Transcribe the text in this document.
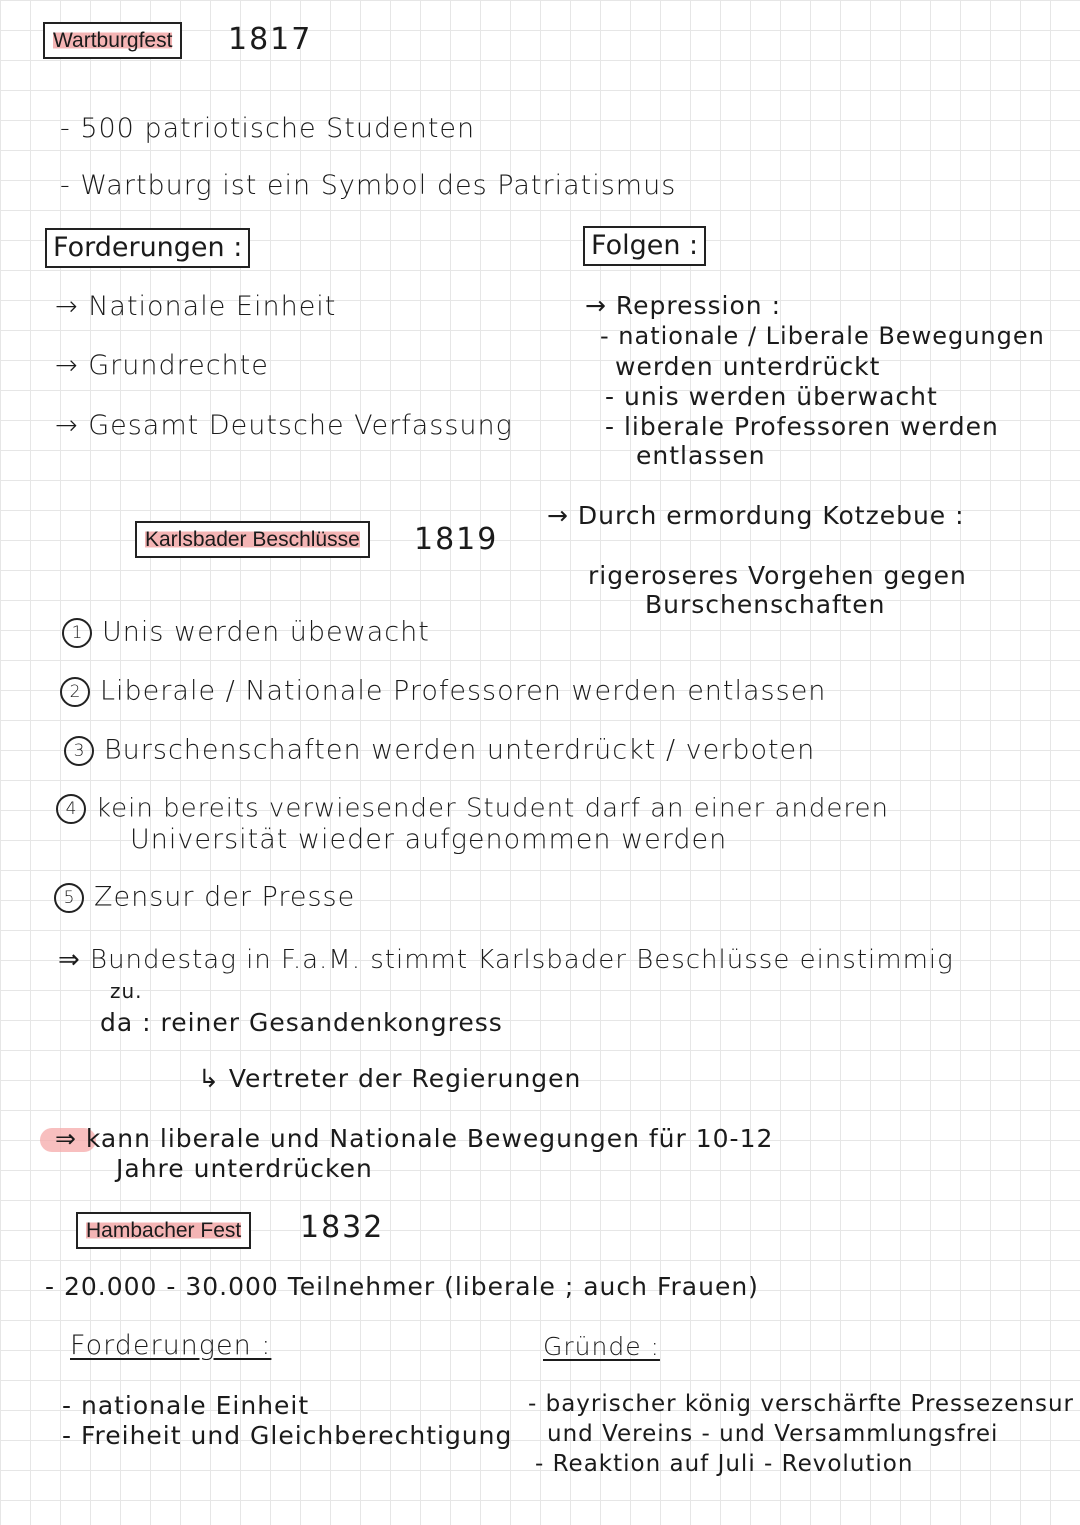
Wartburgfest	1817
- 500 patriotische Studenten
- Wartburg ist ein Symbol des Patriatismus
Forderungen :	Folgen :
→ Nationale Einheit
→ Grundrechte
→ Gesamt Deutsche Verfassung
→ Repression :
- nationale / Liberale Bewegungen
werden unterdrückt
- unis werden überwacht
- liberale Professoren werden
entlassen
Karlsbader Beschlüsse	1819
→ Durch ermordung Kotzebue :
rigeroseres Vorgehen gegen
Burschenschaften
1 Unis werden übewacht
2 Liberale / Nationale Professoren werden entlassen
3 Burschenschaften werden unterdrückt / verboten
4 kein bereits verwiesender Student darf an einer anderen
Universität wieder aufgenommen werden
5 Zensur der Presse
⇒ Bundestag in F.a.M. stimmt Karlsbader Beschlüsse einstimmig
zu.
da : reiner Gesandenkongress
↳ Vertreter der Regierungen
⇒ kann liberale und Nationale Bewegungen für 10-12
Jahre unterdrücken
Hambacher Fest	1832
- 20.000 - 30.000 Teilnehmer (liberale ; auch Frauen)
Forderungen :	Gründe :
- nationale Einheit
- Freiheit und Gleichberechtigung
- bayrischer könig verschärfte Pressezensur
und Vereins - und Versammlungsfrei
- Reaktion auf Juli - Revolution
